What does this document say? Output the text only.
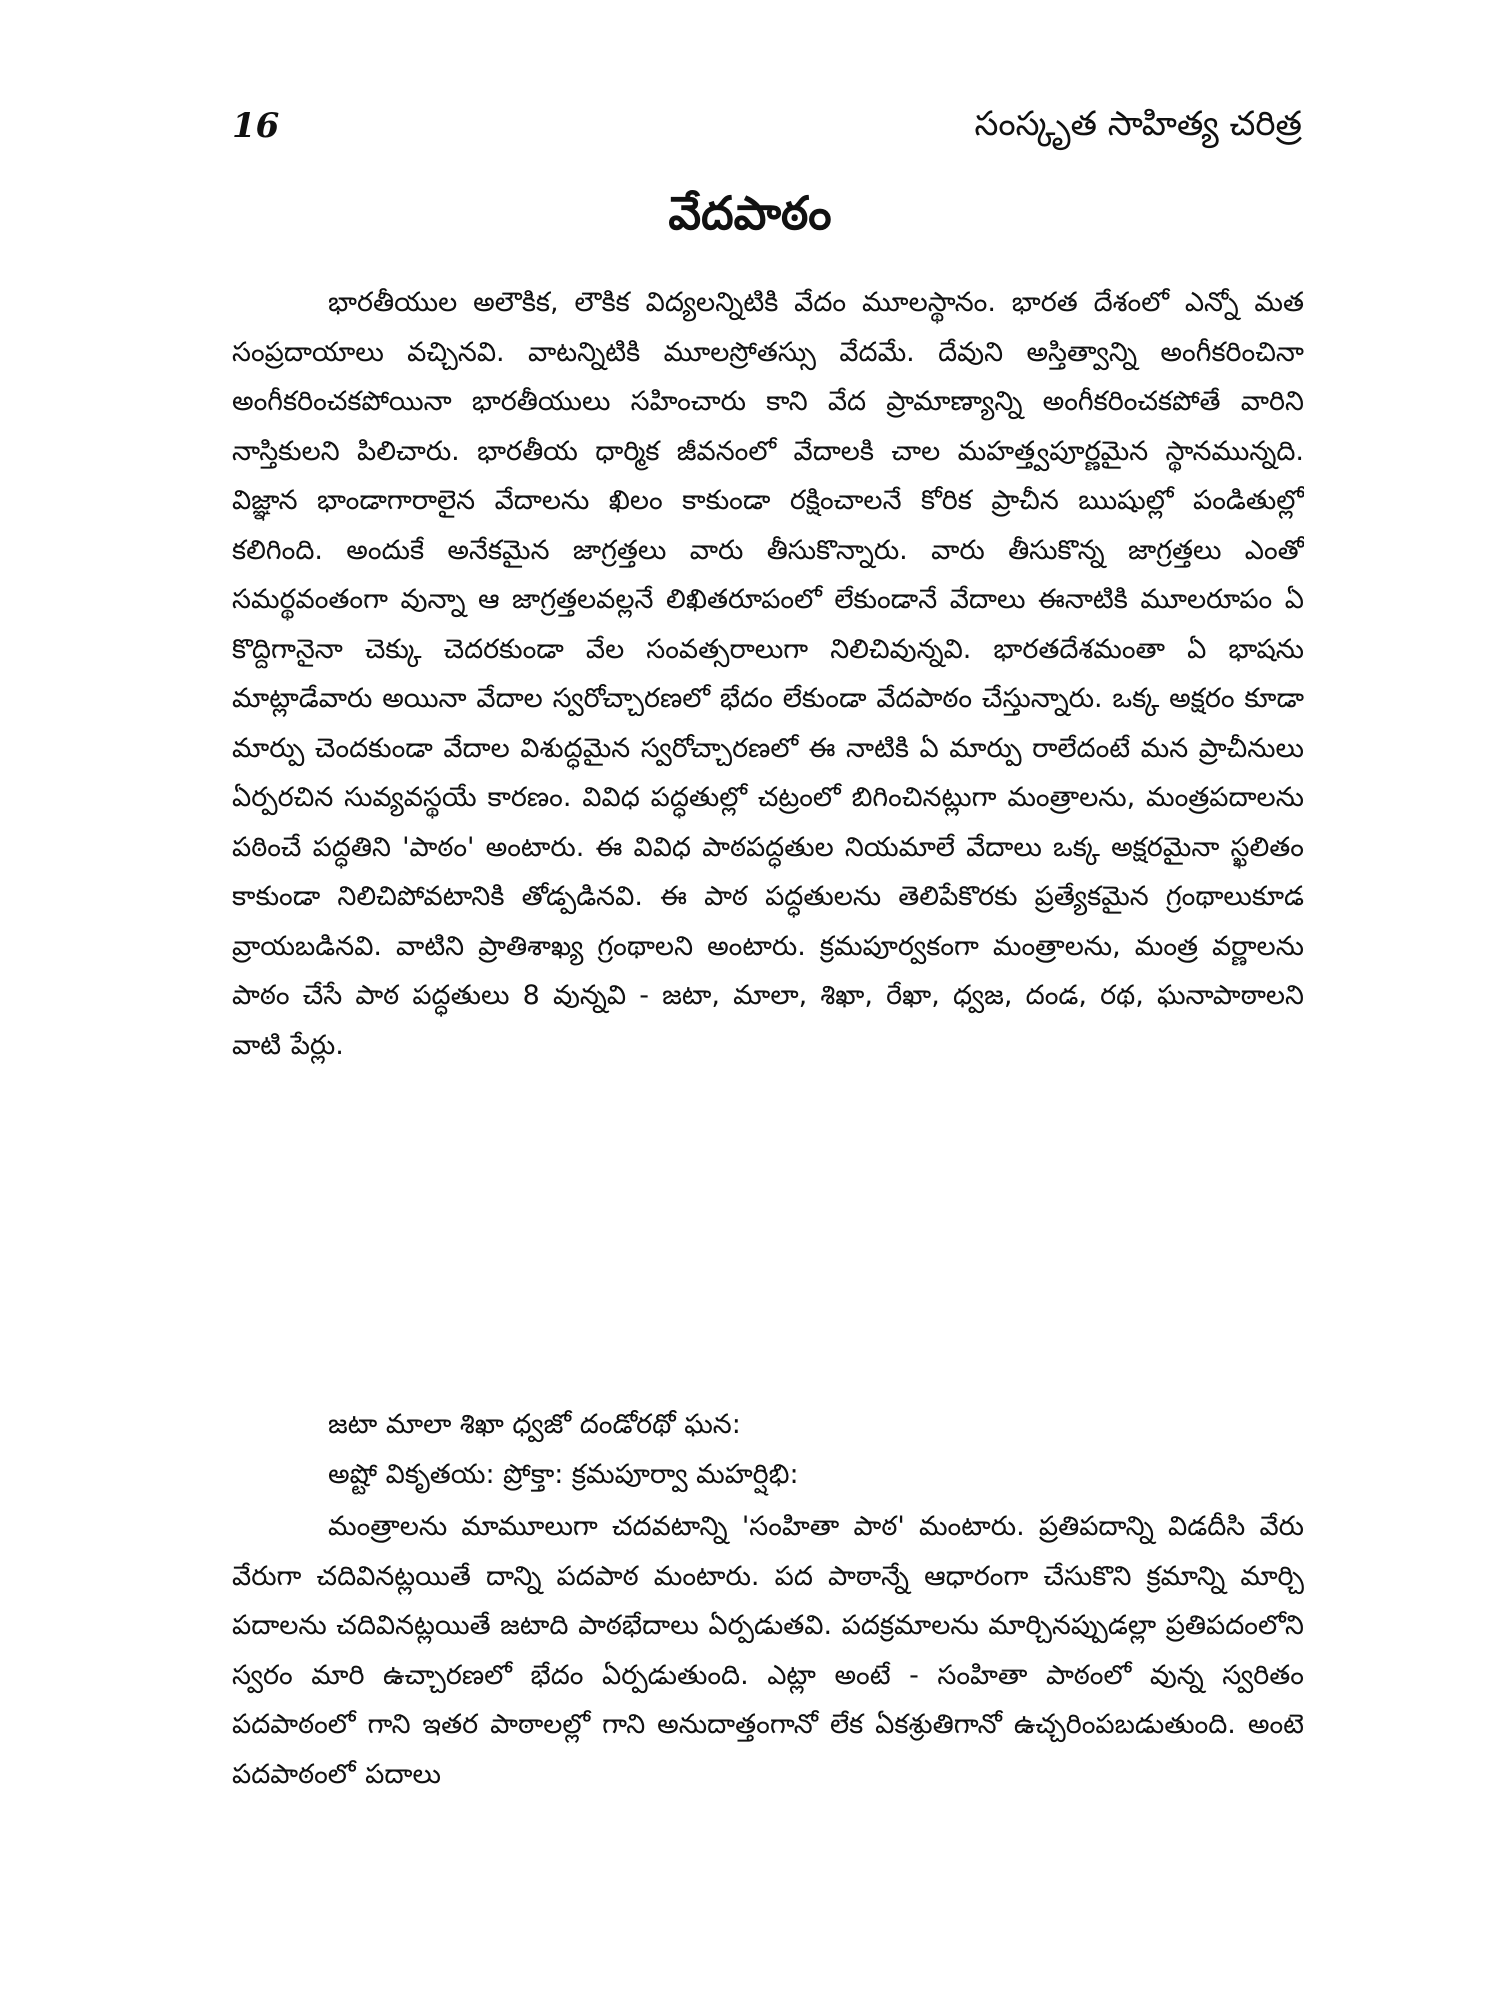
16	సంస్కృత సాహిత్య చరిత్ర
వేదపాఠం
భారతీయుల అలౌకిక, లౌకిక విద్యలన్నిటికి వేదం మూలస్థానం. భారత దేశంలో ఎన్నో మత సంప్రదాయాలు వచ్చినవి. వాటన్నిటికి మూలస్రోతస్సు వేదమే. దేవుని అస్తిత్వాన్ని అంగీకరించినా అంగీకరించకపోయినా భారతీయులు సహించారు కాని వేద ప్రామాణ్యాన్ని అంగీకరించకపోతే వారిని నాస్తికులని పిలిచారు. భారతీయ ధార్మిక జీవనంలో వేదాలకి చాల మహత్త్వపూర్ణమైన స్థానమున్నది. విజ్ఞాన భాండాగారాలైన వేదాలను ఖిలం కాకుండా రక్షించాలనే కోరిక ప్రాచీన ఋషుల్లో పండితుల్లో కలిగింది. అందుకే అనేకమైన జాగ్రత్తలు వారు తీసుకొన్నారు. వారు తీసుకొన్న జాగ్రత్తలు ఎంతో సమర్థవంతంగా వున్నా ఆ జాగ్రత్తలవల్లనే లిఖితరూపంలో లేకుండానే వేదాలు ఈనాటికి మూలరూపం ఏ కొద్దిగానైనా చెక్కు చెదరకుండా వేల సంవత్సరాలుగా నిలిచివున్నవి. భారతదేశమంతా ఏ భాషను మాట్లాడేవారు అయినా వేదాల స్వరోచ్చారణలో భేదం లేకుండా వేదపాఠం చేస్తున్నారు. ఒక్క అక్షరం కూడా మార్పు చెందకుండా వేదాల విశుద్ధమైన స్వరోచ్చారణలో ఈ నాటికి ఏ మార్పు రాలేదంటే మన ప్రాచీనులు ఏర్పరచిన సువ్యవస్థయే కారణం. వివిధ పద్ధతుల్లో చట్రంలో బిగించినట్లుగా మంత్రాలను, మంత్రపదాలను పఠించే పద్ధతిని 'పాఠం' అంటారు. ఈ వివిధ పాఠపద్ధతుల నియమాలే వేదాలు ఒక్క అక్షరమైనా స్ఖలితం కాకుండా నిలిచిపోవటానికి తోడ్పడినవి. ఈ పాఠ పద్ధతులను తెలిపేకొరకు ప్రత్యేకమైన గ్రంథాలుకూడ వ్రాయబడినవి. వాటిని ప్రాతిశాఖ్య గ్రంథాలని అంటారు. క్రమపూర్వకంగా మంత్రాలను, మంత్ర వర్ణాలను పాఠం చేసే పాఠ పద్ధతులు 8 వున్నవి - జటా, మాలా, శిఖా, రేఖా, ధ్వజ, దండ, రథ, ఘనాపాఠాలని వాటి పేర్లు.
జటా మాలా శిఖా ధ్వజో దండోరథో ఘన:
అష్టో వికృతయ: ప్రోక్తా: క్రమపూర్వా మహర్షిభి:
మంత్రాలను మామూలుగా చదవటాన్ని 'సంహితా పాఠ' మంటారు. ప్రతిపదాన్ని విడదీసి వేరు వేరుగా చదివినట్లయితే దాన్ని పదపాఠ మంటారు. పద పాఠాన్నే ఆధారంగా చేసుకొని క్రమాన్ని మార్చి పదాలను చదివినట్లయితే జటాది పాఠభేదాలు ఏర్పడుతవి. పదక్రమాలను మార్చినప్పుడల్లా ప్రతిపదంలోని స్వరం మారి ఉచ్చారణలో భేదం ఏర్పడుతుంది. ఎట్లా అంటే - సంహితా పాఠంలో వున్న స్వరితం పదపాఠంలో గాని ఇతర పాఠాలల్లో గాని అనుదాత్తంగానో లేక ఏకశ్రుతిగానో ఉచ్చరింపబడుతుంది. అంటె పదపాఠంలో పదాలు
